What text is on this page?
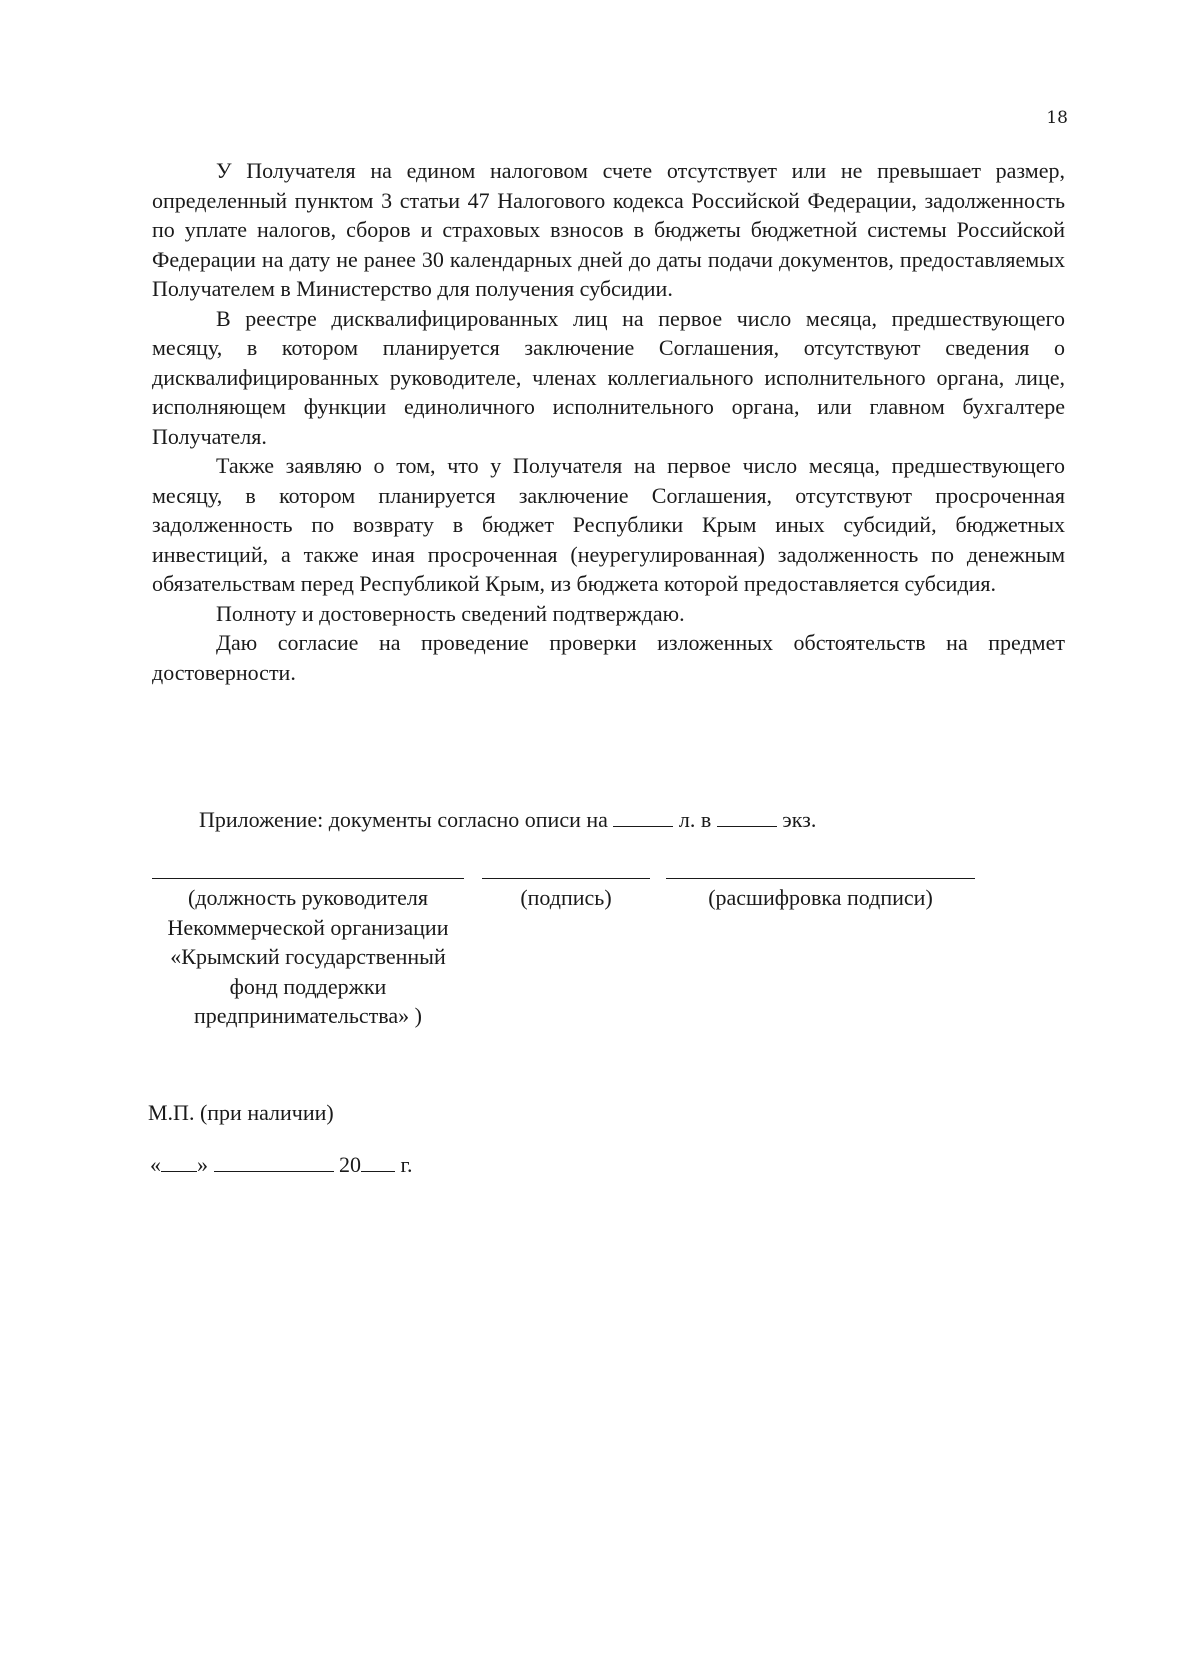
18

У Получателя на едином налоговом счете отсутствует или не превышает размер, определенный пунктом 3 статьи 47 Налогового кодекса Российской Федерации, задолженность по уплате налогов, сборов и страховых взносов в бюджеты бюджетной системы Российской Федерации на дату не ранее 30 календарных дней до даты подачи документов, предоставляемых Получателем в Министерство для получения субсидии.

В реестре дисквалифицированных лиц на первое число месяца, предшествующего месяцу, в котором планируется заключение Соглашения, отсутствуют сведения о дисквалифицированных руководителе, членах коллегиального исполнительного органа, лице, исполняющем функции единоличного исполнительного органа, или главном бухгалтере Получателя.

Также заявляю о том, что у Получателя на первое число месяца, предшествующего месяцу, в котором планируется заключение Соглашения, отсутствуют просроченная задолженность по возврату в бюджет Республики Крым иных субсидий, бюджетных инвестиций, а также иная просроченная (неурегулированная) задолженность по денежным обязательствам перед Республикой Крым, из бюджета которой предоставляется субсидия.

Полноту и достоверность сведений подтверждаю.

Даю согласие на проведение проверки изложенных обстоятельств на предмет достоверности.

Приложение: документы согласно описи на	л. в	экз.
(должность руководителя Некоммерческой организации «Крымский государственный фонд поддержки предпринимательства» )
(подпись)	(расшифровка подписи)
М.П. (при наличии)
« »	20 г.
